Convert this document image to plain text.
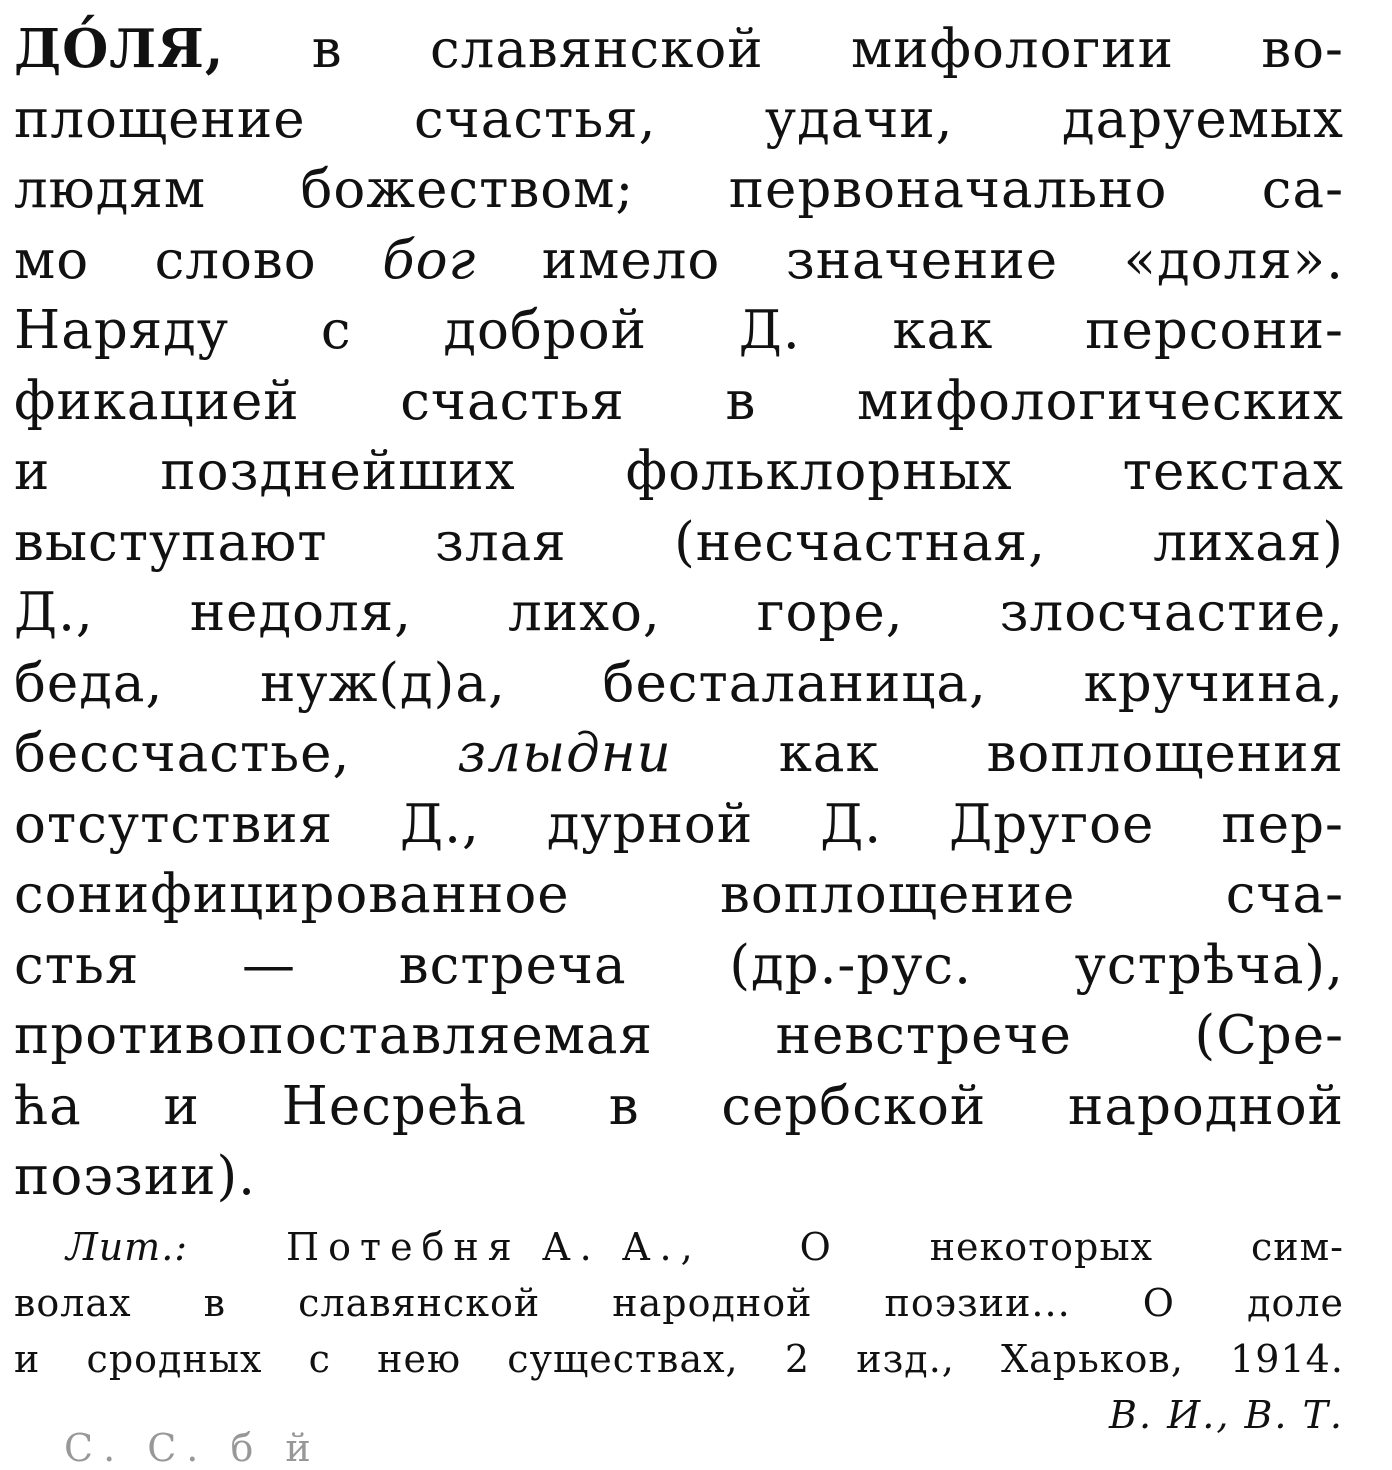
ДО́ЛЯ, в славянской мифологии во-
площение счастья, удачи, даруемых
людям божеством; первоначально са-
мо слово бог имело значение «доля».
Наряду с доброй Д. как персони-
фикацией счастья в мифологических
и позднейших фольклорных текстах
выступают злая (несчастная, лихая)
Д., недоля, лихо, горе, злосчастие,
беда, нуж(д)а, бесталаница, кручина,
бессчастье, злыдни как воплощения
отсутствия Д., дурной Д. Другое пер-
сонифицированное	воплощение	сча-
стья — встреча (др.-рус. устрѣча),
противопоставляемая невстрече (Сре-
ћа и Несрећа в сербской народной
поэзии).
Лит.:	Потебня А. А.,	О	некоторых	сим-
волах в славянской народной поэзии... О доле
и сродных с нею существах, 2 изд., Харьков, 1914.
В. И., В. Т.
С. С. б й
